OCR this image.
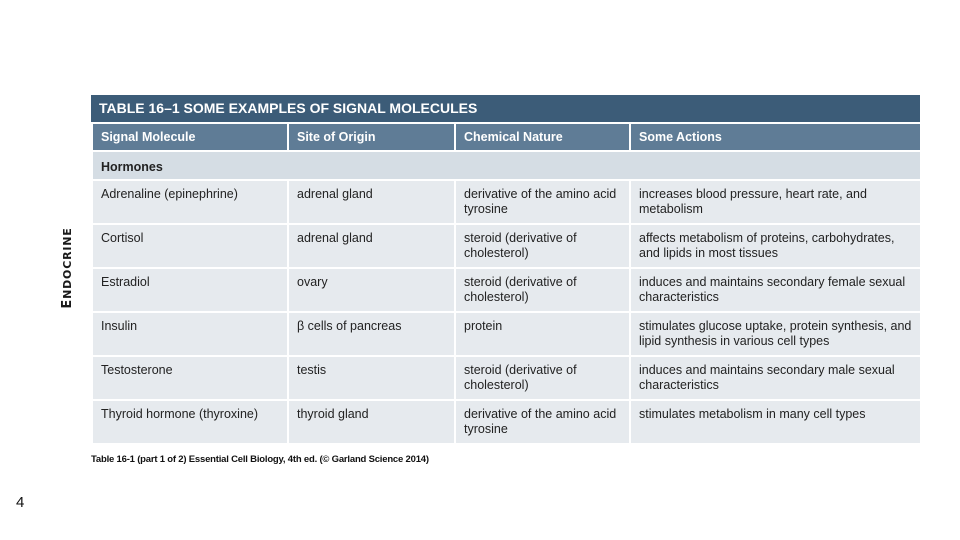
ENDOCRINE
TABLE 16–1 SOME EXAMPLES OF SIGNAL MOLECULES
Signal Molecule	Site of Origin	Chemical Nature	Some Actions
Hormones			
Adrenaline (epinephrine)	adrenal gland	derivative of the amino acid tyrosine	increases blood pressure, heart rate, and metabolism
Cortisol	adrenal gland	steroid (derivative of cholesterol)	affects metabolism of proteins, carbohydrates, and lipids in most tissues
Estradiol	ovary	steroid (derivative of cholesterol)	induces and maintains secondary female sexual characteristics
Insulin	β cells of pancreas	protein	stimulates glucose uptake, protein synthesis, and lipid synthesis in various cell types
Testosterone	testis	steroid (derivative of cholesterol)	induces and maintains secondary male sexual characteristics
Thyroid hormone (thyroxine)	thyroid gland	derivative of the amino acid tyrosine	stimulates metabolism in many cell types
Table 16-1 (part 1 of 2) Essential Cell Biology, 4th ed. (© Garland Science 2014)
4
